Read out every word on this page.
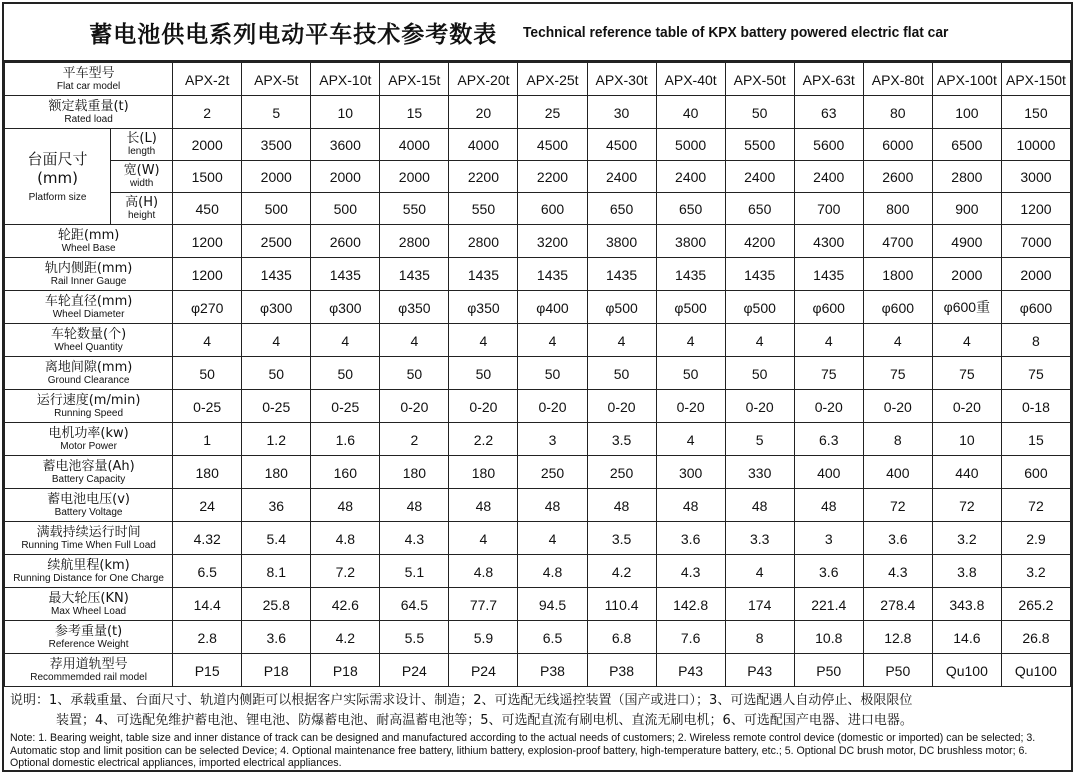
蓄电池供电系列电动平车技术参考数表 Technical reference table of KPX battery powered electric flat car
平车型号
Flat car model		APX-2t	APX-5t	APX-10t	APX-15t	APX-20t	APX-25t	APX-30t	APX-40t	APX-50t	APX-63t	APX-80t	APX-100t	APX-150t

额定载重量(t)
Rated load		2	5	10	15	20	25	30	40	50	63	80	100	150

台面尺寸
(mm)
Platform size	长(L)
length	2000	3500	3600	4000	4000	4500	4500	5000	5500	5600	6000	6500	10000

	宽(W)
width	1500	2000	2000	2000	2200	2200	2400	2400	2400	2400	2600	2800	3000

	高(H)
height	450	500	500	550	550	600	650	650	650	700	800	900	1200

轮距(mm)
Wheel Base		1200	2500	2600	2800	2800	3200	3800	3800	4200	4300	4700	4900	7000

轨内侧距(mm)
Rail Inner Gauge		1200	1435	1435	1435	1435	1435	1435	1435	1435	1435	1800	2000	2000

车轮直径(mm)
Wheel Diameter		φ270	φ300	φ300	φ350	φ350	φ400	φ500	φ500	φ500	φ600	φ600	φ600重	φ600

车轮数量(个)
Wheel Quantity		4	4	4	4	4	4	4	4	4	4	4	4	8

离地间隙(mm)
Ground Clearance		50	50	50	50	50	50	50	50	50	75	75	75	75

运行速度(m/min)
Running Speed		0-25	0-25	0-25	0-20	0-20	0-20	0-20	0-20	0-20	0-20	0-20	0-20	0-18

电机功率(kw)
Motor Power		1	1.2	1.6	2	2.2	3	3.5	4	5	6.3	8	10	15

蓄电池容量(Ah)
Battery Capacity		180	180	160	180	180	250	250	300	330	400	400	440	600

蓄电池电压(v)
Battery Voltage		24	36	48	48	48	48	48	48	48	48	72	72	72

满载持续运行时间
Running Time When Full Load		4.32	5.4	4.8	4.3	4	4	3.5	3.6	3.3	3	3.6	3.2	2.9

续航里程(km)
Running Distance for One Charge		6.5	8.1	7.2	5.1	4.8	4.8	4.2	4.3	4	3.6	4.3	3.8	3.2

最大轮压(KN)
Max Wheel Load		14.4	25.8	42.6	64.5	77.7	94.5	110.4	142.8	174	221.4	278.4	343.8	265.2

参考重量(t)
Reference Weight		2.8	3.6	4.2	5.5	5.9	6.5	6.8	7.6	8	10.8	12.8	14.6	26.8

荐用道轨型号
Recommemded rail model		P15	P18	P18	P24	P24	P38	P38	P43	P43	P50	P50	Qu100	Qu100
说明：1、承载重量、台面尺寸、轨道内侧距可以根据客户实际需求设计、制造；2、可选配无线遥控装置（国产或进口）；3、可选配遇人自动停止、极限限位
装置；4、可选配免维护蓄电池、锂电池、防爆蓄电池、耐高温蓄电池等；5、可选配直流有刷电机、直流无刷电机；6、可选配国产电器、进口电器。
Note: 1. Bearing weight, table size and inner distance of track can be designed and manufactured according to the actual needs of customers; 2. Wireless remote control device (domestic or imported) can be selected; 3. Automatic stop and limit position can be selected Device; 4. Optional maintenance free battery, lithium battery, explosion-proof battery, high-temperature battery, etc.; 5. Optional DC brush motor, DC brushless motor; 6. Optional domestic electrical appliances, imported electrical appliances.
